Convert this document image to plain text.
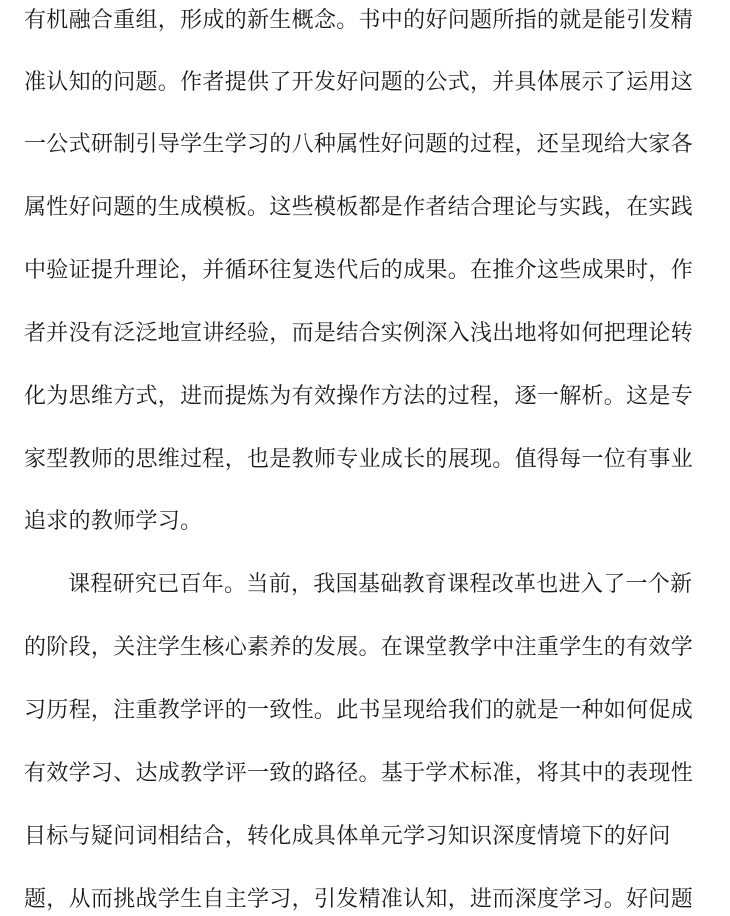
有机融合重组，形成的新生概念。书中的好问题所指的就是能引发精
准认知的问题。作者提供了开发好问题的公式，并具体展示了运用这
一公式研制引导学生学习的八种属性好问题的过程，还呈现给大家各
属性好问题的生成模板。这些模板都是作者结合理论与实践，在实践
中验证提升理论，并循环往复迭代后的成果。在推介这些成果时，作
者并没有泛泛地宣讲经验，而是结合实例深入浅出地将如何把理论转
化为思维方式，进而提炼为有效操作方法的过程，逐一解析。这是专
家型教师的思维过程，也是教师专业成长的展现。值得每一位有事业
追求的教师学习。
课程研究已百年。当前，我国基础教育课程改革也进入了一个新
的阶段，关注学生核心素养的发展。在课堂教学中注重学生的有效学
习历程，注重教学评的一致性。此书呈现给我们的就是一种如何促成
有效学习、达成教学评一致的路径。基于学术标准，将其中的表现性
目标与疑问词相结合，转化成具体单元学习知识深度情境下的好问
题，从而挑战学生自主学习，引发精准认知，进而深度学习。好问题
